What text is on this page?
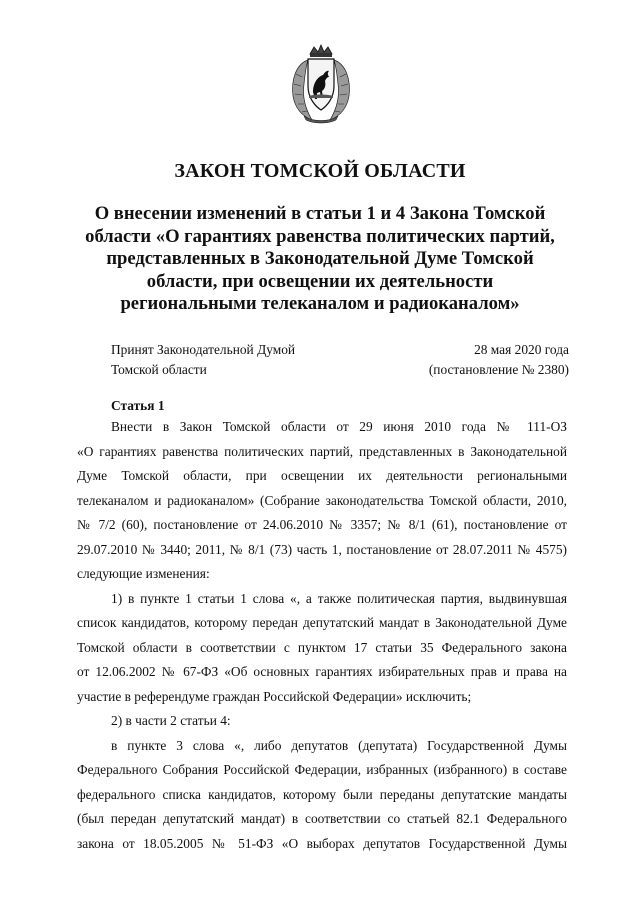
ЗАКОН ТОМСКОЙ ОБЛАСТИ
О внесении изменений в статьи 1 и 4 Закона Томской области «О гарантиях равенства политических партий, представленных в Законодательной Думе Томской области, при освещении их деятельности региональными телеканалом и радиоканалом»
Принят Законодательной Думой
Томской области
28 мая 2020 года
(постановление № 2380)
Статья 1
Внести в Закон Томской области от 29 июня 2010 года № 111-ОЗ
«О гарантиях равенства политических партий, представленных в Законодательной
Думе Томской области, при освещении их деятельности региональными
телеканалом и радиоканалом» (Собрание законодательства Томской области, 2010,
№ 7/2 (60), постановление от 24.06.2010 № 3357; № 8/1 (61), постановление от
29.07.2010 № 3440; 2011, № 8/1 (73) часть 1, постановление от 28.07.2011 № 4575)
следующие изменения:
1) в пункте 1 статьи 1 слова «, а также политическая партия, выдвинувшая
список кандидатов, которому передан депутатский мандат в Законодательной Думе
Томской области в соответствии с пунктом 17 статьи 35 Федерального закона
от 12.06.2002 № 67-ФЗ «Об основных гарантиях избирательных прав и права на
участие в референдуме граждан Российской Федерации» исключить;
2) в части 2 статьи 4:
в пункте 3 слова «, либо депутатов (депутата) Государственной Думы
Федерального Собрания Российской Федерации, избранных (избранного) в составе
федерального списка кандидатов, которому были переданы депутатские мандаты
(был передан депутатский мандат) в соответствии со статьей 82.1 Федерального
закона от 18.05.2005 № 51-ФЗ «О выборах депутатов Государственной Думы
